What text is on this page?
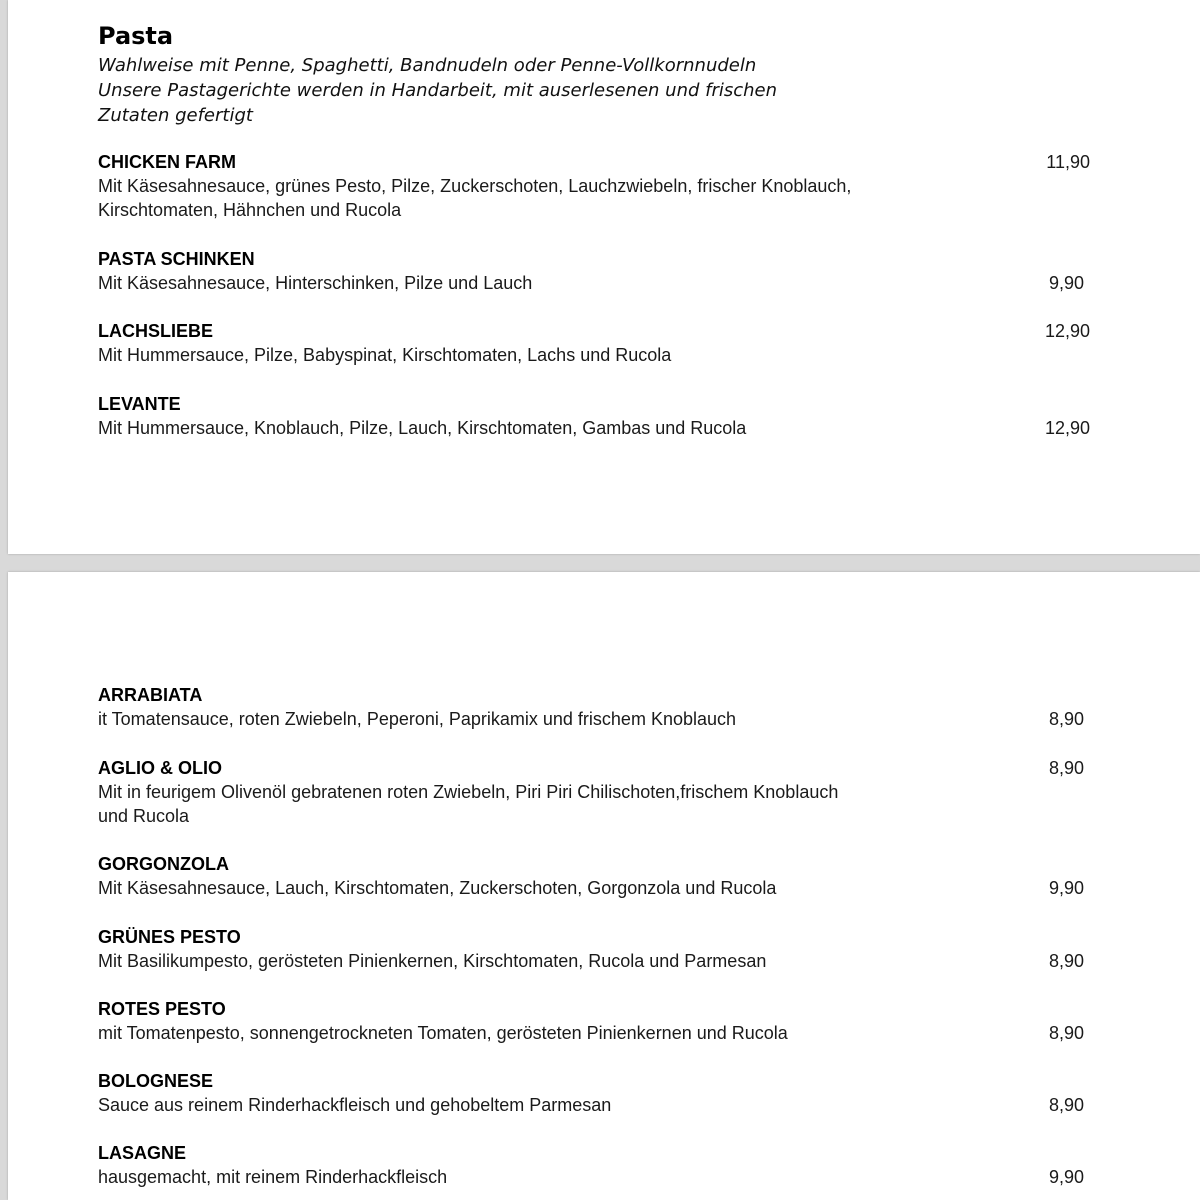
Pasta
Wahlweise mit Penne, Spaghetti, Bandnudeln oder Penne-Vollkornnudeln
Unsere Pastagerichte werden in Handarbeit, mit auserlesenen und frischen
Zutaten gefertigt
CHICKEN FARM
Mit Käsesahnesauce, grünes Pesto, Pilze, Zuckerschoten, Lauchzwiebeln, frischer Knoblauch,
Kirschtomaten, Hähnchen und Rucola
11,90
PASTA SCHINKEN
Mit Käsesahnesauce, Hinterschinken, Pilze und Lauch	9,90
LACHSLIEBE
Mit Hummersauce, Pilze, Babyspinat, Kirschtomaten, Lachs und Rucola
12,90
LEVANTE
Mit Hummersauce, Knoblauch, Pilze, Lauch, Kirschtomaten, Gambas und Rucola	12,90
ARRABIATA
it Tomatensauce, roten Zwiebeln, Peperoni, Paprikamix und frischem Knoblauch	8,90
AGLIO & OLIO
Mit in feurigem Olivenöl gebratenen roten Zwiebeln, Piri Piri Chilischoten,frischem Knoblauch
und Rucola
8,90
GORGONZOLA
Mit Käsesahnesauce, Lauch, Kirschtomaten, Zuckerschoten, Gorgonzola und Rucola	9,90
GRÜNES PESTO
Mit Basilikumpesto, gerösteten Pinienkernen, Kirschtomaten, Rucola und Parmesan	8,90
ROTES PESTO
mit Tomatenpesto, sonnengetrockneten Tomaten, gerösteten Pinienkernen und Rucola	8,90
BOLOGNESE
Sauce aus reinem Rinderhackfleisch und gehobeltem Parmesan	8,90
LASAGNE
hausgemacht, mit reinem Rinderhackfleisch	9,90
